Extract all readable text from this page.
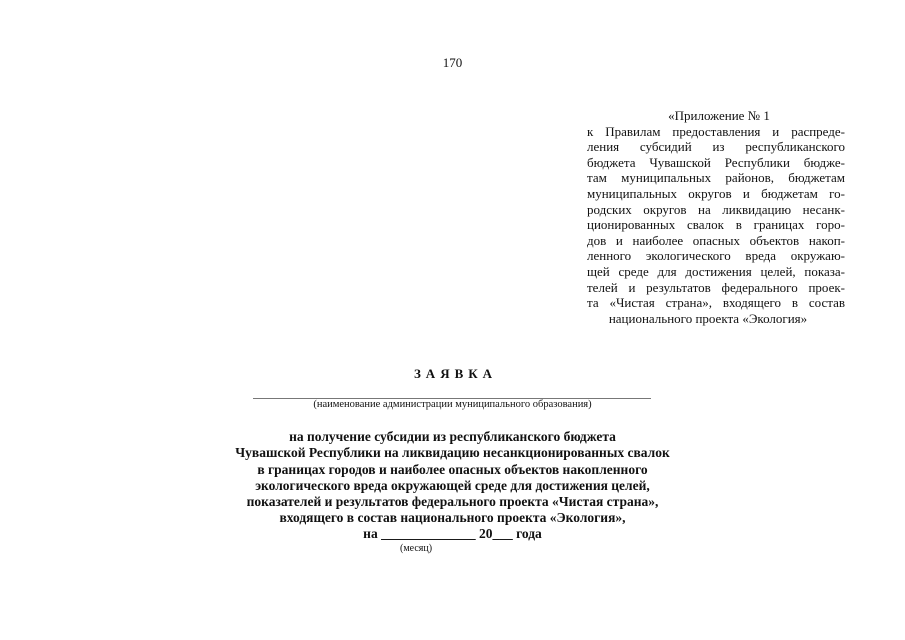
170
«Приложение № 1
к Правилам предоставления и распреде-
ления субсидий из республиканского
бюджета Чувашской Республики бюдже-
там муниципальных районов, бюджетам
муниципальных округов и бюджетам го-
родских округов на ликвидацию несанк-
ционированных свалок в границах горо-
дов и наиболее опасных объектов накоп-
ленного экологического вреда окружаю-
щей среде для достижения целей, показа-
телей и результатов федерального проек-
та «Чистая страна», входящего в состав
национального проекта «Экология»
ЗАЯВКА
(наименование администрации муниципального образования)
на получение субсидии из республиканского бюджета
Чувашской Республики на ликвидацию несанкционированных свалок
в границах городов и наиболее опасных объектов накопленного
экологического вреда окружающей среде для достижения целей,
показателей и результатов федерального проекта «Чистая страна»,
входящего в состав национального проекта «Экология»,
на ______________ 20___ года
(месяц)
